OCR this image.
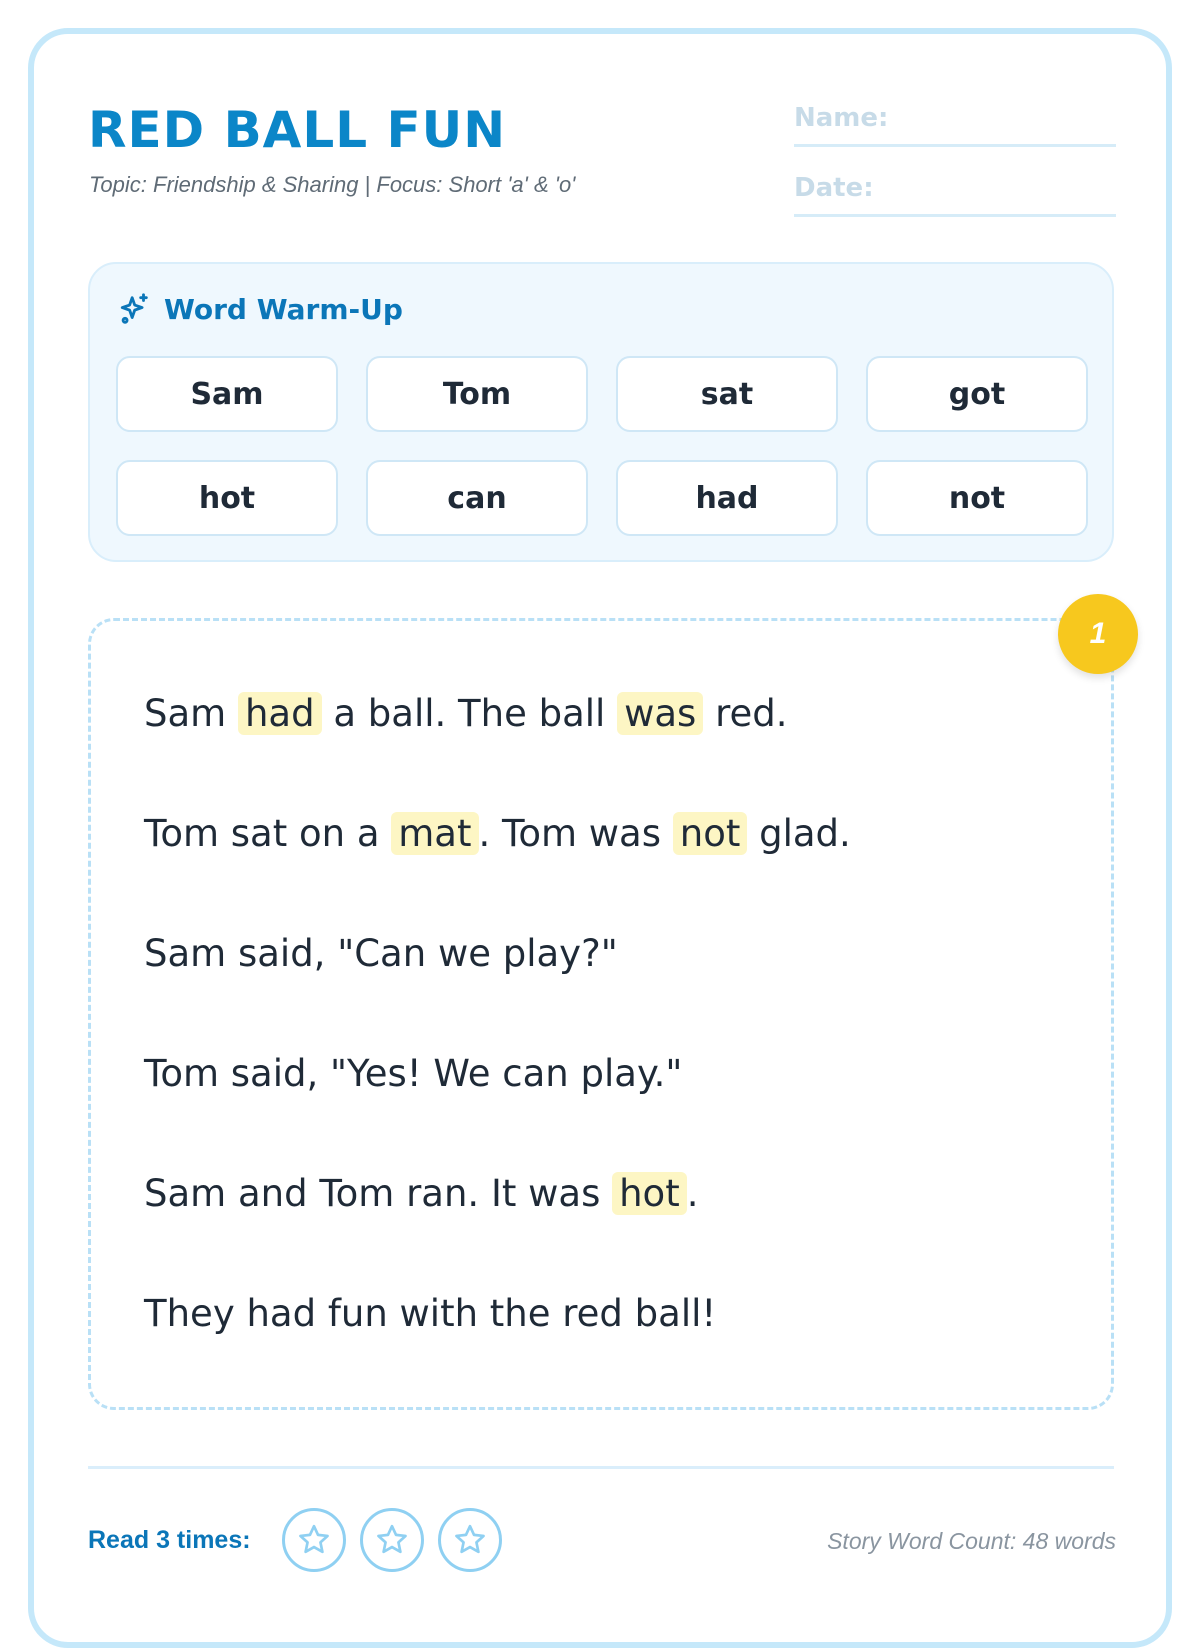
RED BALL FUN
Topic: Friendship & Sharing | Focus: Short 'a' & 'o'
Name:
Date:
Word Warm-Up
Sam	Tom	sat	got
hot	can	had	not
1
Sam had a ball. The ball was red.
Tom sat on a mat . Tom was not glad.
Sam said, "Can we play?"
Tom said, "Yes! We can play."
Sam and Tom ran. It was hot .
They had fun with the red ball!
Read 3 times:	Story Word Count: 48 words
